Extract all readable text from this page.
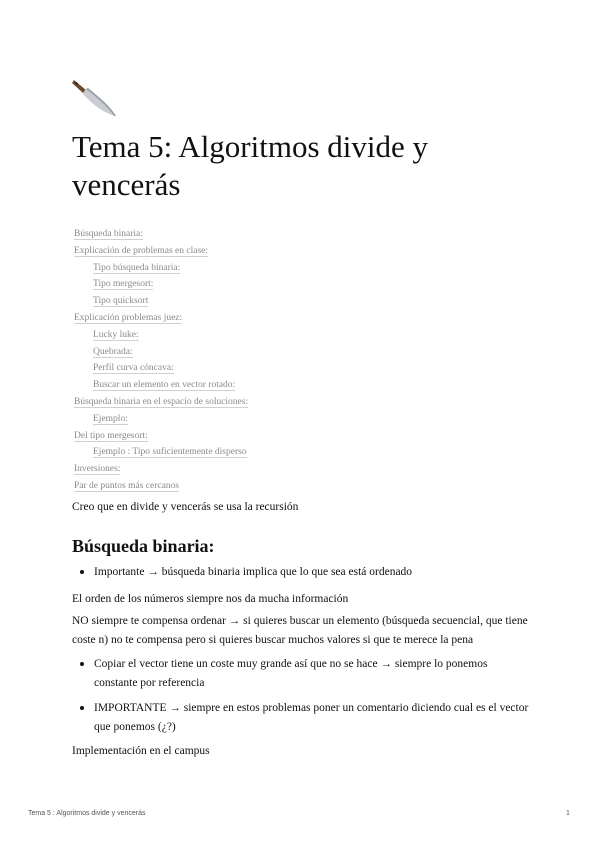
Tema 5: Algoritmos divide y vencerás
Búsqueda binaria:
Explicación de problemas en clase:
Tipo búsqueda binaria:
Tipo mergesort:
Tipo quicksort
Explicación problemas juez:
Lucky luke:
Quebrada:
Perfil curva cóncava:
Buscar un elemento en vector rotado:
Búsqueda binaria en el espacio de soluciones:
Ejemplo:
Del tipo mergesort:
Ejemplo : Tipo suficientemente disperso
Inversiones:
Par de puntos más cercanos

Creo que en divide y vencerás se usa la recursión

Búsqueda binaria:
Importante → búsqueda binaria implica que lo que sea está ordenado

El orden de los números siempre nos da mucha información

NO siempre te compensa ordenar → si quieres buscar un elemento (búsqueda secuencial, que tiene coste n) no te compensa pero si quieres buscar muchos valores si que te merece la pena

Copiar el vector tiene un coste muy grande así que no se hace → siempre lo ponemos constante por referencia
IMPORTANTE → siempre en estos problemas poner un comentario diciendo cual es el vector que ponemos (¿?)

Implementación en el campus

Tema 5 : Algoritmos divide y vencerás	1
